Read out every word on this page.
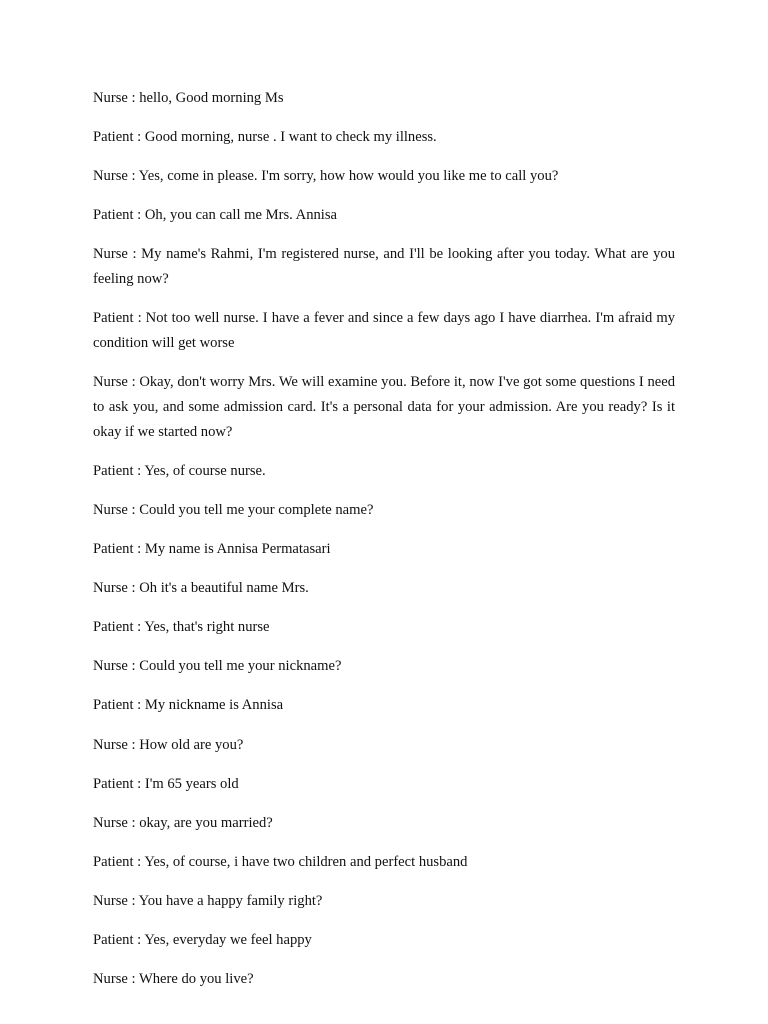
Nurse : hello, Good morning Ms

Patient : Good morning, nurse . I want to check my illness.

Nurse : Yes, come in please. I'm sorry, how how would you like me to call you?

Patient : Oh, you can call me Mrs. Annisa

Nurse : My name's Rahmi, I'm registered nurse, and I'll be looking after you today. What are you feeling now?

Patient : Not too well nurse. I have a fever and since a few days ago I have diarrhea. I'm afraid my condition will get worse

Nurse : Okay, don't worry Mrs. We will examine you. Before it, now I've got some questions I need to ask you, and some admission card. It's a personal data for your admission. Are you ready? Is it okay if we started now?

Patient : Yes, of course nurse.

Nurse : Could you tell me your complete name?

Patient : My name is Annisa Permatasari

Nurse : Oh it's a beautiful name Mrs.

Patient : Yes, that's right nurse

Nurse : Could you tell me your nickname?

Patient : My nickname is Annisa

Nurse : How old are you?

Patient : I'm 65 years old

Nurse : okay, are you married?

Patient : Yes, of course, i have two children and perfect husband

Nurse : You have a happy family right?

Patient : Yes, everyday we feel happy

Nurse : Where do you live?
